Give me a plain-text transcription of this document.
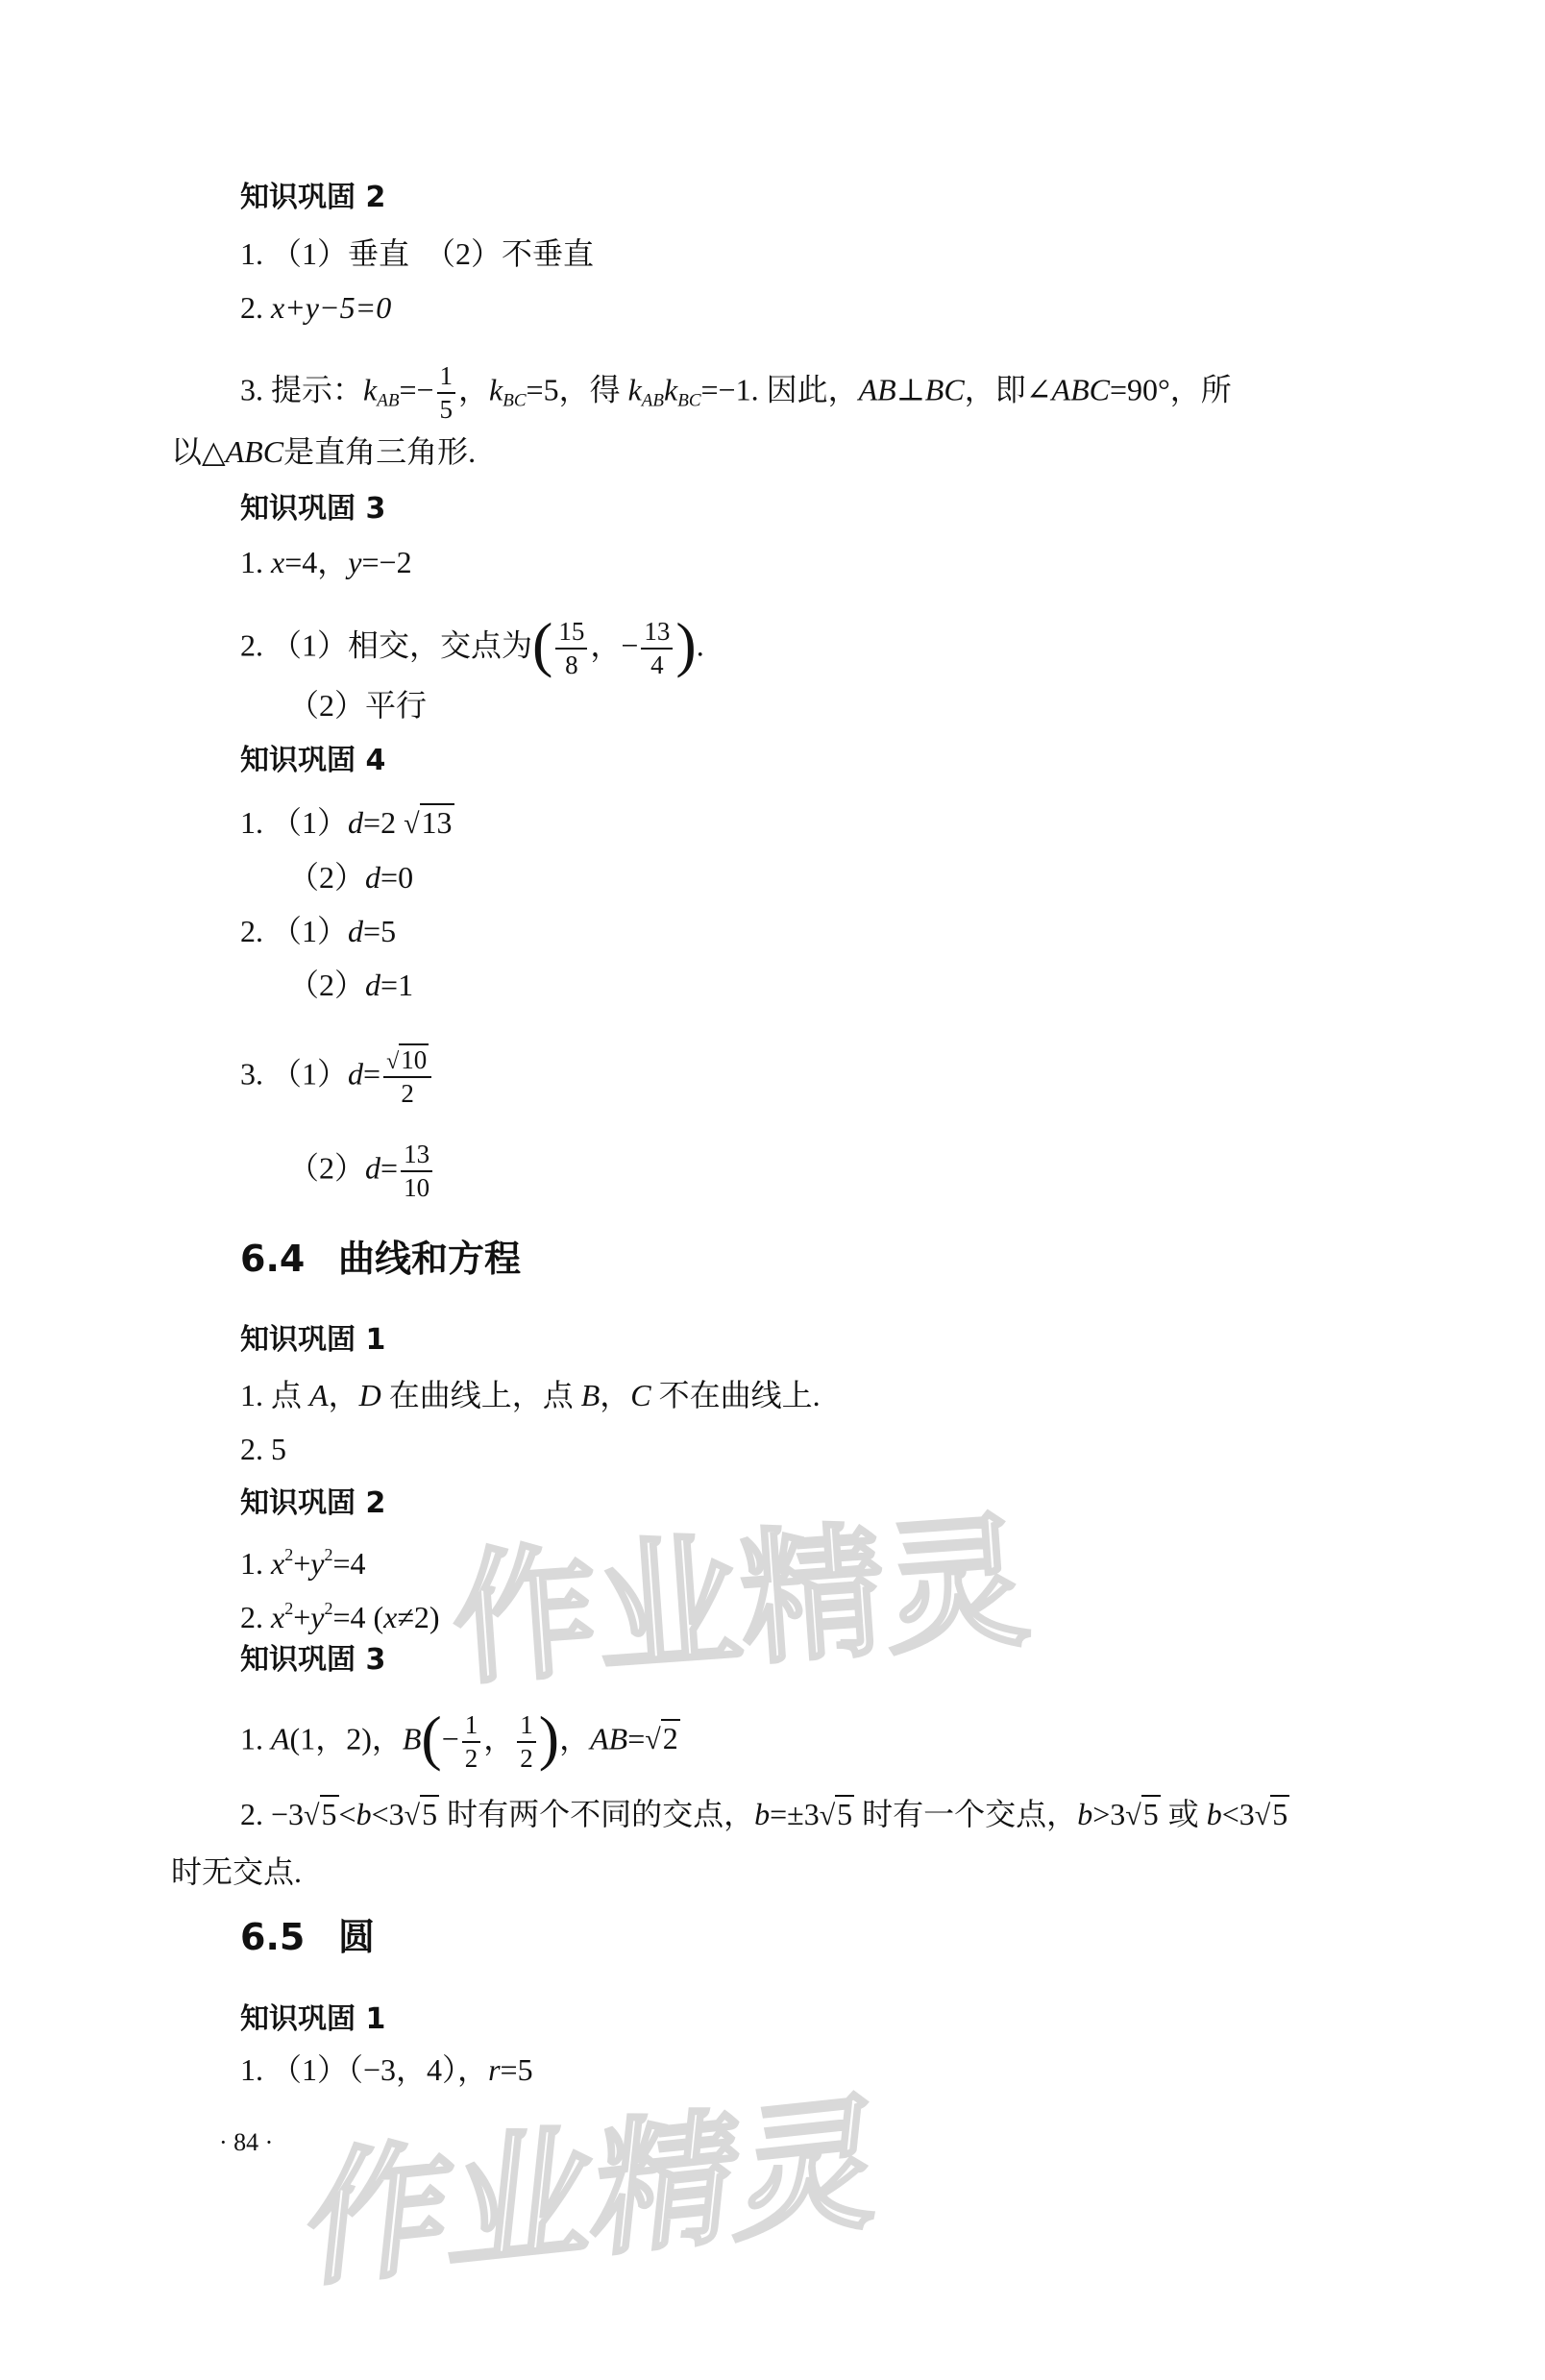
知识巩固 2
1. （1）垂直　（2）不垂直
2. x+y−5=0
3. 提示：$k_{AB}=- \frac{1}{5}$ ，$k_{BC}=5$，得 $k_{AB}k_{BC}=-1$. 因此，AB⊥BC，即∠ABC=90°，所
以△ABC是直角三角形.
知识巩固 3
1. x=4，y=−2
2. （1）相交，交点为( $\frac{15}{8}$ ，− $\frac{13}{4}$ ).
（2）平行
知识巩固 4
1. （1）d=2 √13
（2）d=0
2. （1）d=5
（2）d=1
3. $(1)d= \frac{√10}{2}$
$(2)d= \frac{13}{10}$
6.4 曲线和方程
知识巩固 1
1. 点 A，D 在曲线上，点 B，C 不在曲线上.
2. 5
知识巩固 2
1. $x^2+y^2=4$
2. $x^2+y^2=4$ (x≠2)
知识巩固 3
1. A(1，2)，$B(- \frac{1}{2}$ ， $\frac{1}{2}$ )，AB=√2
2. −3√5<b<3√5 时有两个不同的交点，b=±3√5 时有一个交点，b>3√5 或 b<3√5
时无交点.
6.5 圆
知识巩固 1
1. （1）（−3，4），r=5
· 84 ·
作业精灵
作业精灵
